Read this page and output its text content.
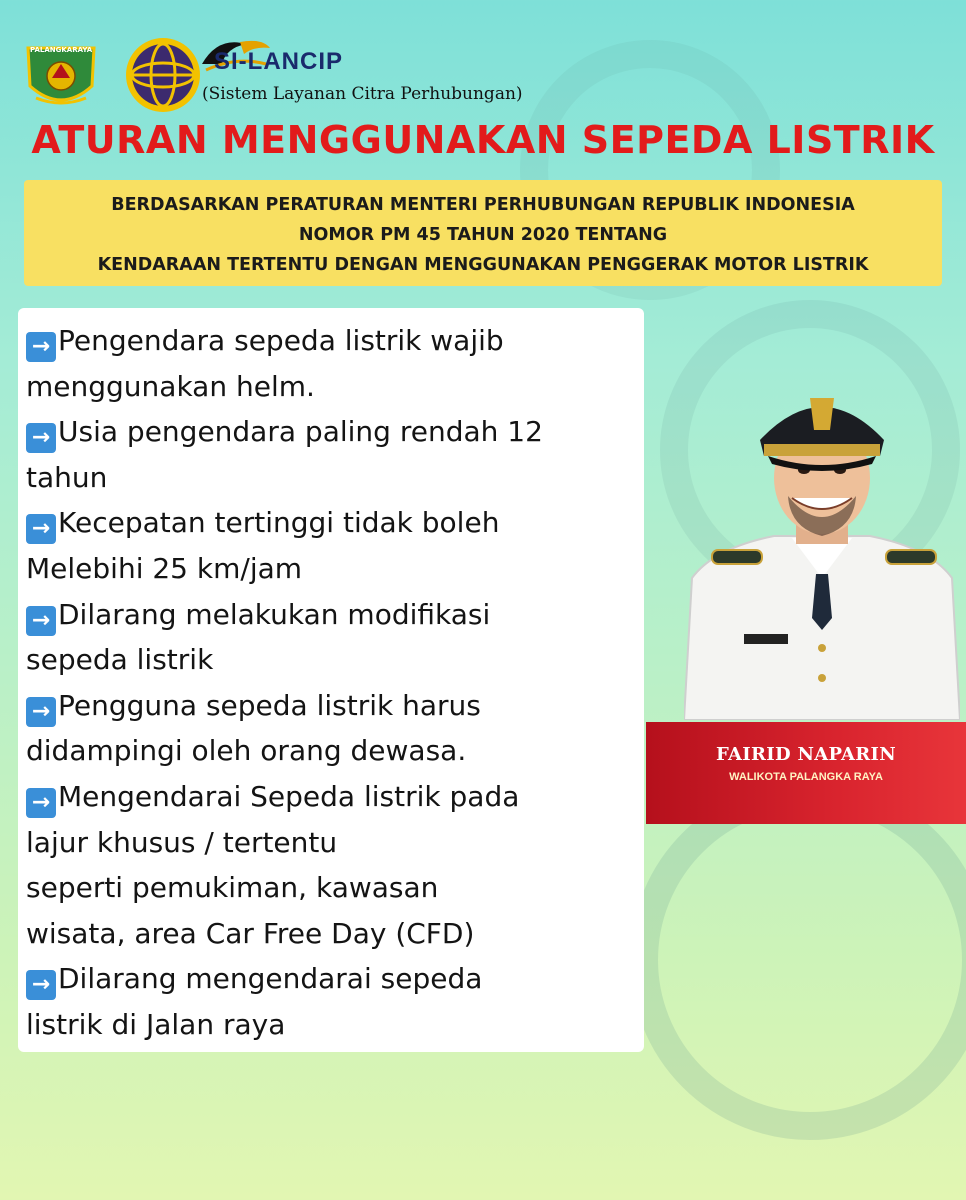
PALANGKARAYA	SI-LANCIP
(Sistem Layanan Citra Perhubungan)
ATURAN MENGGUNAKAN SEPEDA LISTRIK
BERDASARKAN PERATURAN MENTERI PERHUBUNGAN REPUBLIK INDONESIA
NOMOR PM 45 TAHUN 2020 TENTANG
KENDARAAN TERTENTU DENGAN MENGGUNAKAN PENGGERAK MOTOR LISTRIK
→ Pengendara sepeda listrik wajib
menggunakan helm.
→ Usia pengendara paling rendah 12
tahun
→ Kecepatan tertinggi tidak boleh
Melebihi 25 km/jam
→ Dilarang melakukan modifikasi
sepeda listrik
→ Pengguna sepeda listrik harus
didampingi oleh orang dewasa.
→ Mengendarai Sepeda listrik pada
lajur khusus / tertentu
seperti pemukiman, kawasan
wisata, area Car Free Day (CFD)
→ Dilarang mengendarai sepeda
listrik di Jalan raya
FAIRID NAPARIN
WALIKOTA PALANGKA RAYA
